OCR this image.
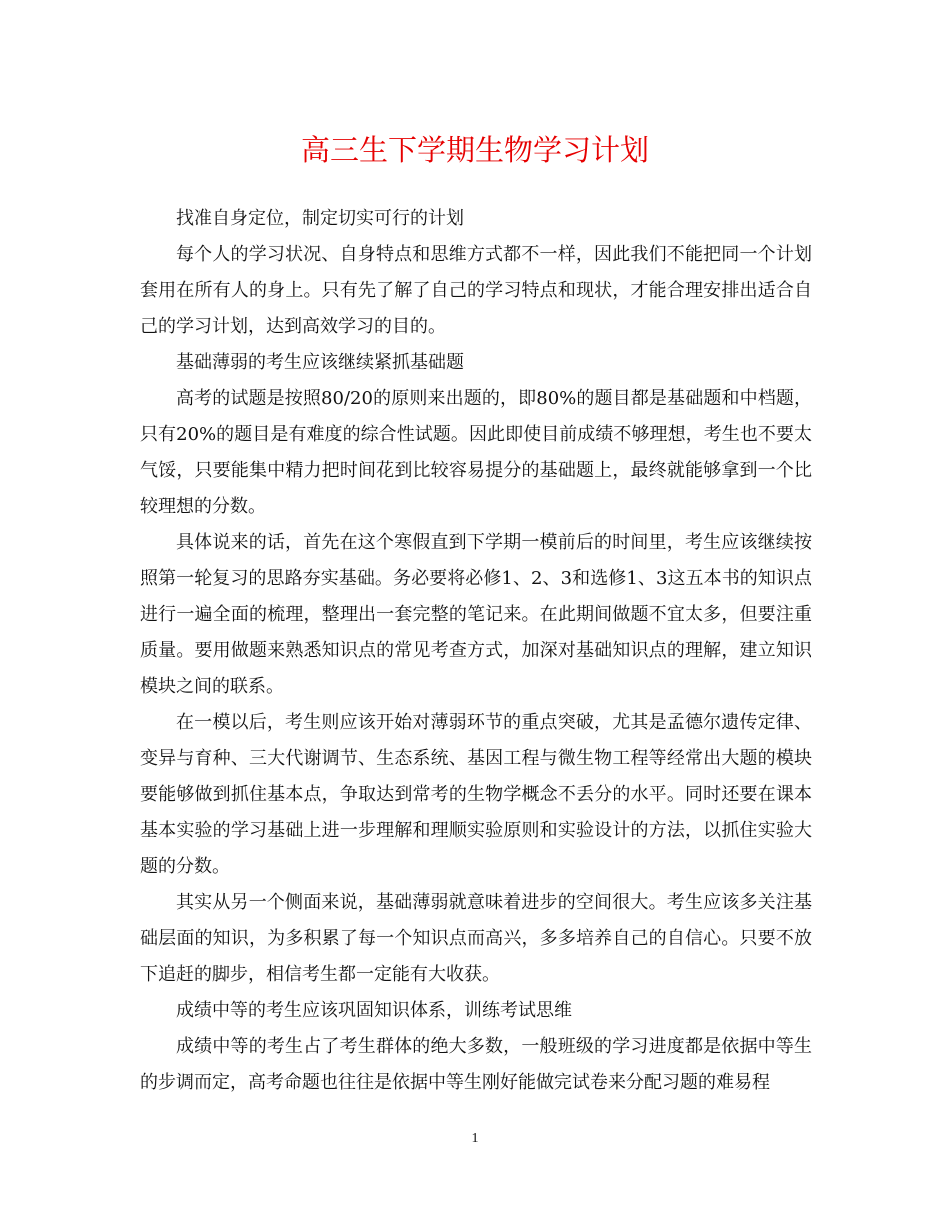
高三生下学期生物学习计划

找准自身定位，制定切实可行的计划

每个人的学习状况、自身特点和思维方式都不一样，因此我们不能把同一个计划套用在所有人的身上。只有先了解了自己的学习特点和现状，才能合理安排出适合自己的学习计划，达到高效学习的目的。

基础薄弱的考生应该继续紧抓基础题

高考的试题是按照80/20的原则来出题的，即80%的题目都是基础题和中档题，只有20%的题目是有难度的综合性试题。因此即使目前成绩不够理想，考生也不要太气馁，只要能集中精力把时间花到比较容易提分的基础题上，最终就能够拿到一个比较理想的分数。

具体说来的话，首先在这个寒假直到下学期一模前后的时间里，考生应该继续按照第一轮复习的思路夯实基础。务必要将必修1、2、3和选修1、3这五本书的知识点进行一遍全面的梳理，整理出一套完整的笔记来。在此期间做题不宜太多，但要注重质量。要用做题来熟悉知识点的常见考查方式，加深对基础知识点的理解，建立知识模块之间的联系。

在一模以后，考生则应该开始对薄弱环节的重点突破，尤其是孟德尔遗传定律、变异与育种、三大代谢调节、生态系统、基因工程与微生物工程等经常出大题的模块要能够做到抓住基本点，争取达到常考的生物学概念不丢分的水平。同时还要在课本基本实验的学习基础上进一步理解和理顺实验原则和实验设计的方法，以抓住实验大题的分数。

其实从另一个侧面来说，基础薄弱就意味着进步的空间很大。考生应该多关注基础层面的知识，为多积累了每一个知识点而高兴，多多培养自己的自信心。只要不放下追赶的脚步，相信考生都一定能有大收获。

成绩中等的考生应该巩固知识体系，训练考试思维

成绩中等的考生占了考生群体的绝大多数，一般班级的学习进度都是依据中等生的步调而定，高考命题也往往是依据中等生刚好能做完试卷来分配习题的难易程

1
